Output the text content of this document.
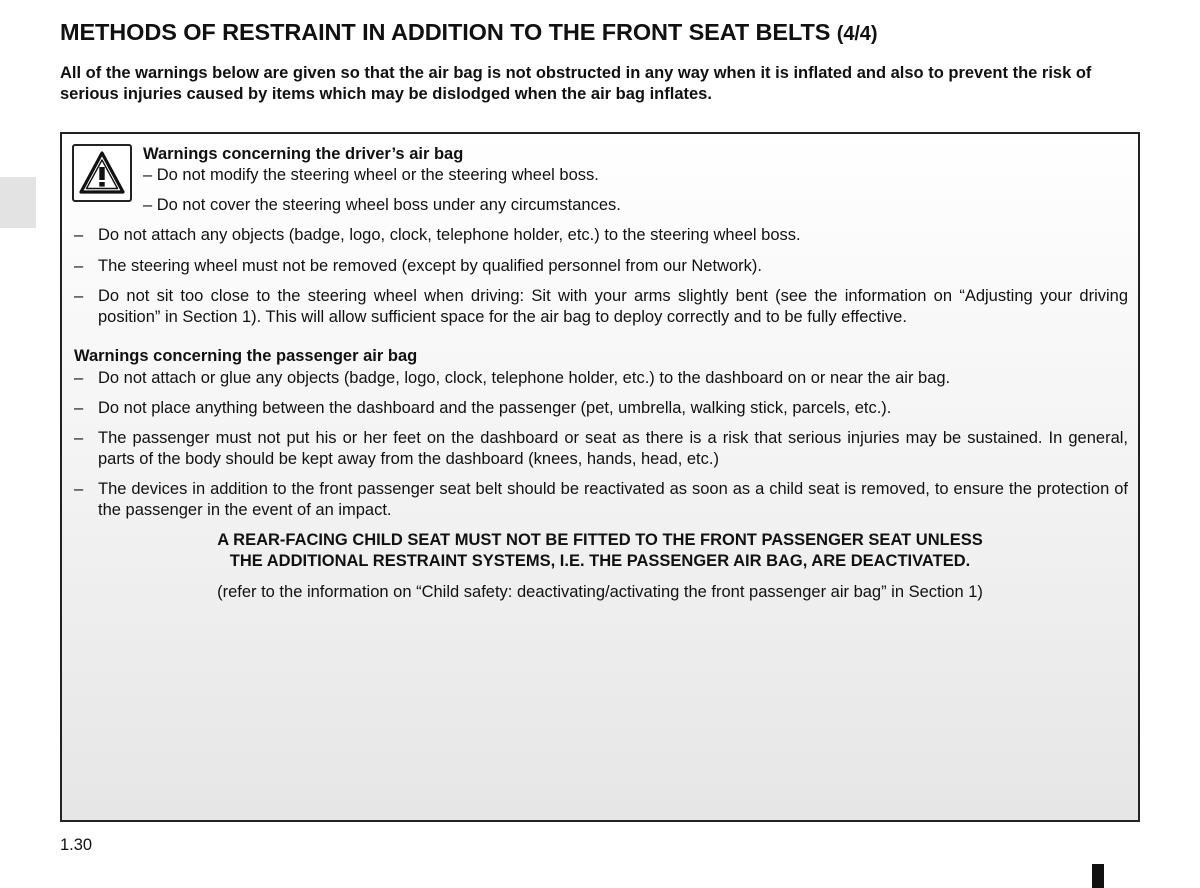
METHODS OF RESTRAINT IN ADDITION TO THE FRONT SEAT BELTS (4/4)

All of the warnings below are given so that the air bag is not obstructed in any way when it is inflated and also to prevent the risk of serious injuries caused by items which may be dislodged when the air bag inflates.

Warnings concerning the driver’s air bag

– Do not modify the steering wheel or the steering wheel boss.

– Do not cover the steering wheel boss under any circumstances.

– Do not attach any objects (badge, logo, clock, telephone holder, etc.) to the steering wheel boss.
– The steering wheel must not be removed (except by qualified personnel from our Network).
– Do not sit too close to the steering wheel when driving: Sit with your arms slightly bent (see the information on “Adjusting your driving position” in Section 1). This will allow sufficient space for the air bag to deploy correctly and to be fully effective.

Warnings concerning the passenger air bag

– Do not attach or glue any objects (badge, logo, clock, telephone holder, etc.) to the dashboard on or near the air bag.
– Do not place anything between the dashboard and the passenger (pet, umbrella, walking stick, parcels, etc.).
– The passenger must not put his or her feet on the dashboard or seat as there is a risk that serious injuries may be sustained. In general, parts of the body should be kept away from the dashboard (knees, hands, head, etc.)
– The devices in addition to the front passenger seat belt should be reactivated as soon as a child seat is removed, to ensure the protection of the passenger in the event of an impact.

A REAR-FACING CHILD SEAT MUST NOT BE FITTED TO THE FRONT PASSENGER SEAT UNLESS

THE ADDITIONAL RESTRAINT SYSTEMS, I.E. THE PASSENGER AIR BAG, ARE DEACTIVATED.

(refer to the information on “Child safety: deactivating/activating the front passenger air bag” in Section 1)

1.30
